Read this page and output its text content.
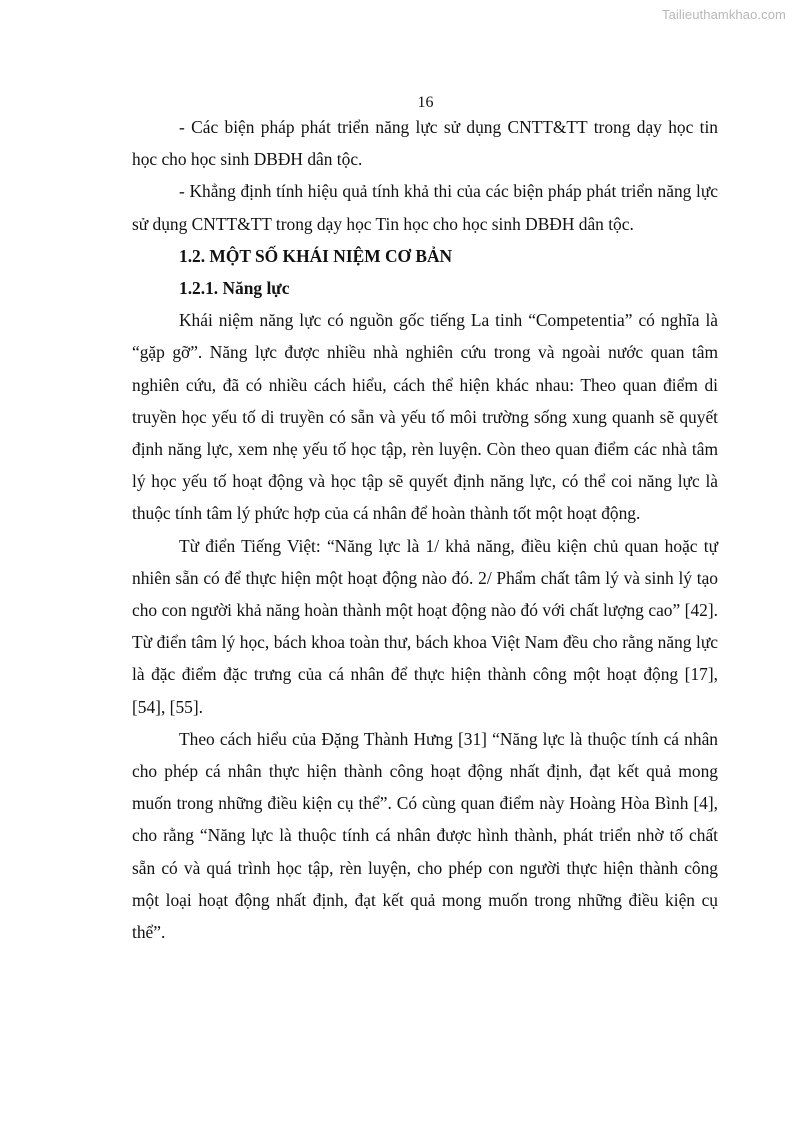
Tailieuthamkhao.com
16

- Các biện pháp phát triển năng lực sử dụng CNTT&TT trong dạy học tin học cho học sinh DBĐH dân tộc.

- Khẳng định tính hiệu quả tính khả thi của các biện pháp phát triển năng lực sử dụng CNTT&TT trong dạy học Tin học cho học sinh DBĐH dân tộc.

1.2. MỘT SỐ KHÁI NIỆM CƠ BẢN
1.2.1. Năng lực

Khái niệm năng lực có nguồn gốc tiếng La tinh “Competentia” có nghĩa là “gặp gỡ”. Năng lực được nhiều nhà nghiên cứu trong và ngoài nước quan tâm nghiên cứu, đã có nhiều cách hiểu, cách thể hiện khác nhau: Theo quan điểm di truyền học yếu tố di truyền có sẵn và yếu tố môi trường sống xung quanh sẽ quyết định năng lực, xem nhẹ yếu tố học tập, rèn luyện. Còn theo quan điểm các nhà tâm lý học yếu tố hoạt động và học tập sẽ quyết định năng lực, có thể coi năng lực là thuộc tính tâm lý phức hợp của cá nhân để hoàn thành tốt một hoạt động.

Từ điển Tiếng Việt: “Năng lực là 1/ khả năng, điều kiện chủ quan hoặc tự nhiên sẵn có để thực hiện một hoạt động nào đó. 2/ Phẩm chất tâm lý và sinh lý tạo cho con người khả năng hoàn thành một hoạt động nào đó với chất lượng cao” [42]. Từ điển tâm lý học, bách khoa toàn thư, bách khoa Việt Nam đều cho rằng năng lực là đặc điểm đặc trưng của cá nhân để thực hiện thành công một hoạt động [17], [54], [55].

Theo cách hiểu của Đặng Thành Hưng [31] “Năng lực là thuộc tính cá nhân cho phép cá nhân thực hiện thành công hoạt động nhất định, đạt kết quả mong muốn trong những điều kiện cụ thể”. Có cùng quan điểm này Hoàng Hòa Bình [4], cho rằng “Năng lực là thuộc tính cá nhân được hình thành, phát triển nhờ tố chất sẵn có và quá trình học tập, rèn luyện, cho phép con người thực hiện thành công một loại hoạt động nhất định, đạt kết quả mong muốn trong những điều kiện cụ thể”.
